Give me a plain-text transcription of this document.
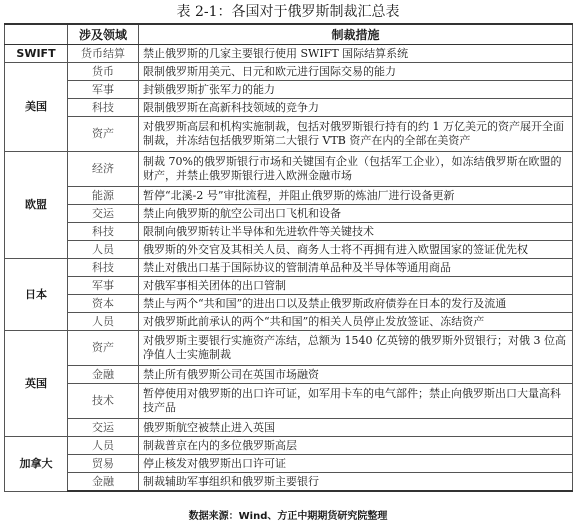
表 2-1：各国对于俄罗斯制裁汇总表
	涉及领域	制裁措施
SWIFT	货币结算	禁止俄罗斯的几家主要银行使用 SWIFT 国际结算系统
美国	货币	限制俄罗斯用美元、日元和欧元进行国际交易的能力
	军事	封锁俄罗斯扩张军力的能力
	科技	限制俄罗斯在高新科技领域的竞争力
	资产	对俄罗斯高层和机构实施制裁，包括对俄罗斯银行持有的约 1 万亿美元的资产展开全面制裁，并冻结包括俄罗斯第二大银行 VTB 资产在内的全部在美资产
欧盟	经济	制裁 70%的俄罗斯银行市场和关键国有企业（包括军工企业），如冻结俄罗斯在欧盟的财产，并禁止俄罗斯银行进入欧洲金融市场
	能源	暂停“北溪-2 号”审批流程，并阻止俄罗斯的炼油厂进行设备更新
	交运	禁止向俄罗斯的航空公司出口飞机和设备
	科技	限制向俄罗斯转让半导体和先进软件等关键技术
	人员	俄罗斯的外交官及其相关人员、商务人士将不再拥有进入欧盟国家的签证优先权
日本	科技	禁止对俄出口基于国际协议的管制清单品种及半导体等通用商品
	军事	对俄军事相关团体的出口管制
	资本	禁止与两个“共和国”的进出口以及禁止俄罗斯政府债券在日本的发行及流通
	人员	对俄罗斯此前承认的两个“共和国”的相关人员停止发放签证、冻结资产
英国	资产	对俄罗斯主要银行实施资产冻结，总额为 1540 亿英镑的俄罗斯外贸银行；对俄 3 位高净值人士实施制裁
	金融	禁止所有俄罗斯公司在英国市场融资
	技术	暂停使用对俄罗斯的出口许可证，如军用卡车的电气部件；禁止向俄罗斯出口大量高科技产品
	交运	俄罗斯航空被禁止进入英国
加拿大	人员	制裁普京在内的多位俄罗斯高层
	贸易	停止核发对俄罗斯出口许可证
	金融	制裁辅助军事组织和俄罗斯主要银行
数据来源：Wind、方正中期期货研究院整理
